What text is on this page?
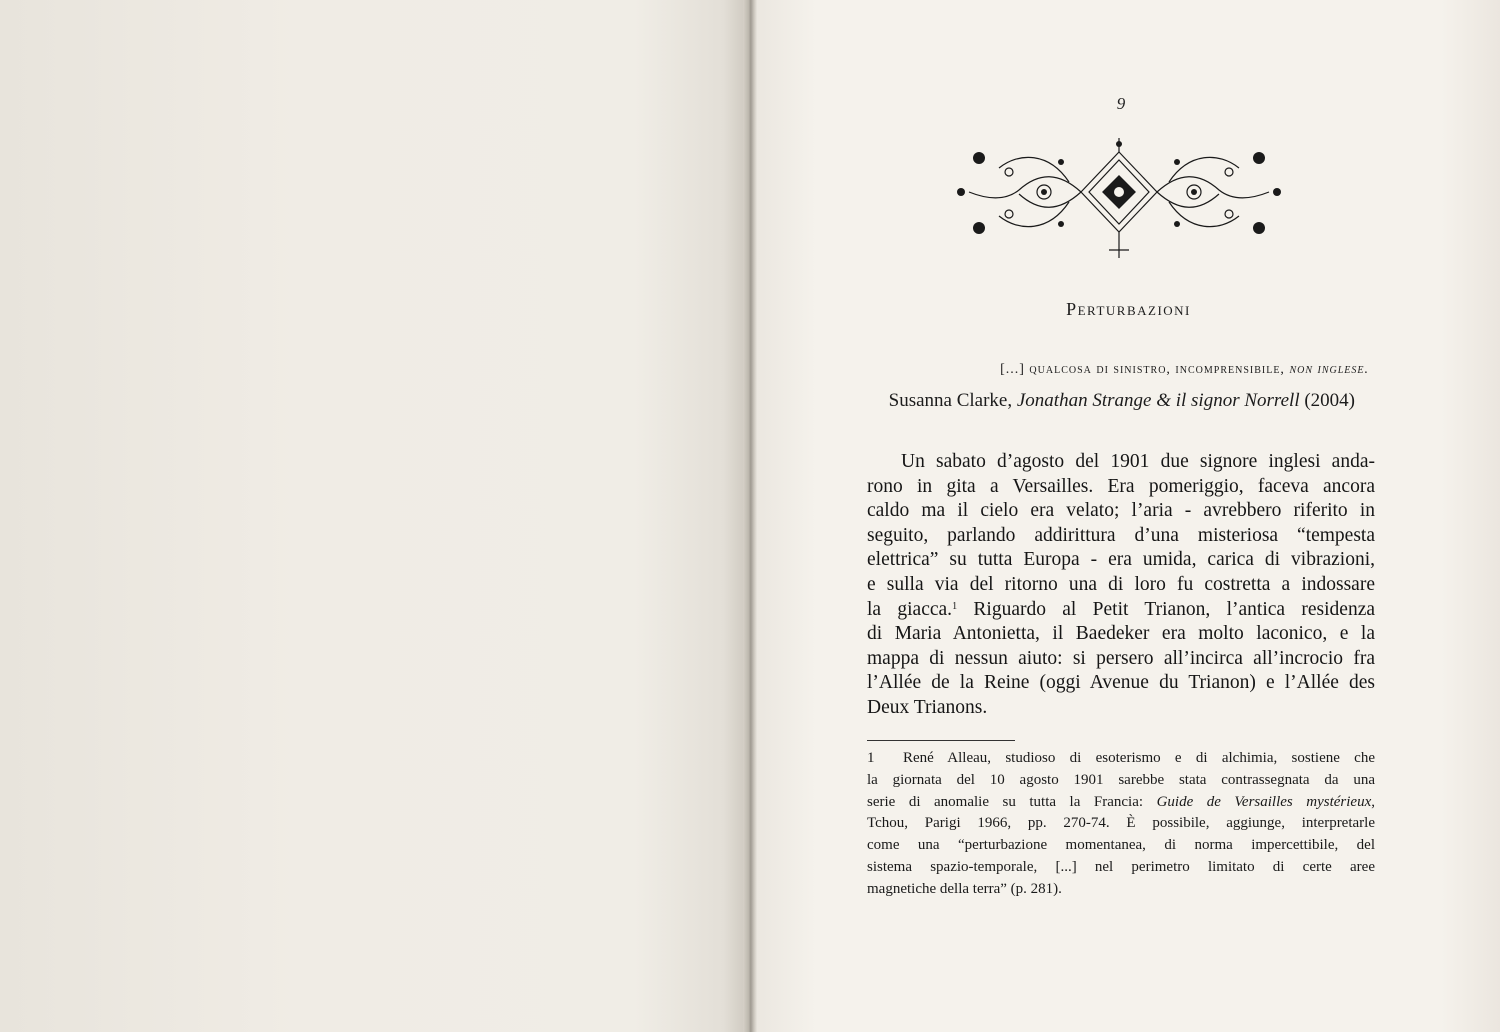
9
Perturbazioni
[...] qualcosa di sinistro, incomprensibile, non inglese.
Susanna Clarke, Jonathan Strange & il signor Norrell (2004)
Un sabato d’agosto del 1901 due signore inglesi anda-
rono in gita a Versailles. Era pomeriggio, faceva ancora
caldo ma il cielo era velato; l’aria - avrebbero riferito in
seguito, parlando addirittura d’una misteriosa “tempesta
elettrica” su tutta Europa - era umida, carica di vibrazioni,
e sulla via del ritorno una di loro fu costretta a indossare
la giacca.$^1$ Riguardo al Petit Trianon, l’antica residenza
di Maria Antonietta, il Baedeker era molto laconico, e la
mappa di nessun aiuto: si persero all’incirca all’incrocio fra
l’Allée de la Reine (oggi Avenue du Trianon) e l’Allée des
Deux Trianons.
1 René Alleau, studioso di esoterismo e di alchimia, sostiene che
la giornata del 10 agosto 1901 sarebbe stata contrassegnata da una
serie di anomalie su tutta la Francia: Guide de Versailles mystérieux,
Tchou, Parigi 1966, pp. 270-74. È possibile, aggiunge, interpretarle
come una “perturbazione momentanea, di norma impercettibile, del
sistema spazio-temporale, [...] nel perimetro limitato di certe aree
magnetiche della terra” (p. 281).
